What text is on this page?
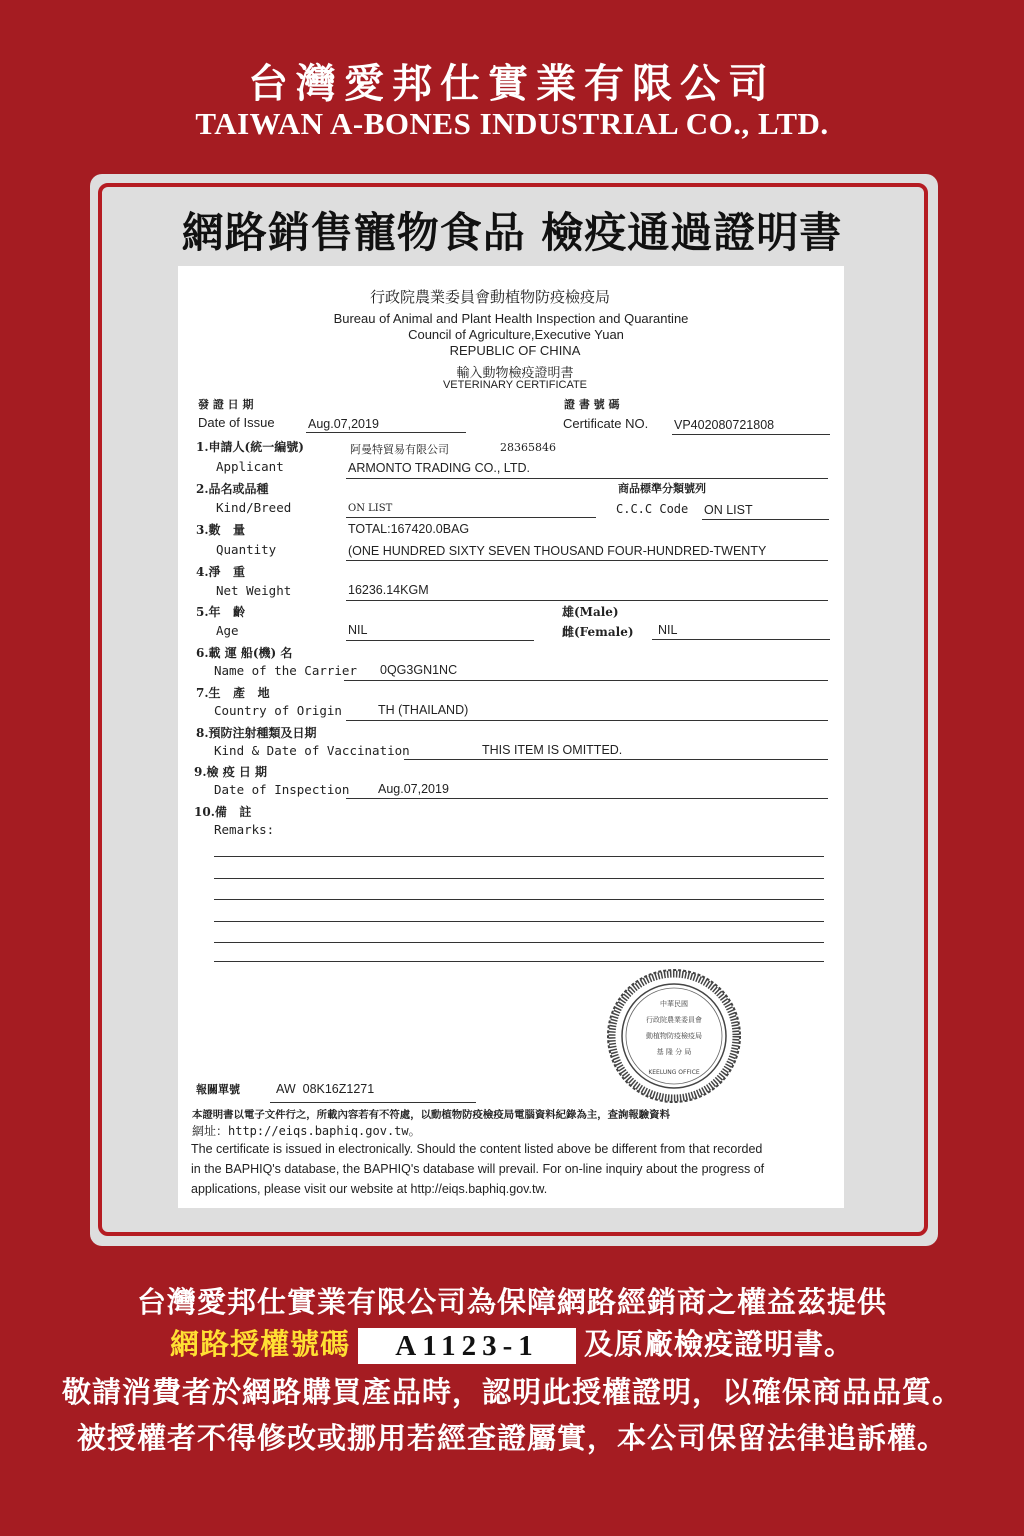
台灣愛邦仕實業有限公司
TAIWAN A-BONES INDUSTRIAL CO., LTD.
網路銷售寵物食品 檢疫通過證明書
行政院農業委員會動植物防疫檢疫局
Bureau of Animal and Plant Health Inspection and Quarantine
Council of Agriculture,Executive Yuan
REPUBLIC OF CHINA
輸入動物檢疫證明書
VETERINARY CERTIFICATE
發 證 日 期
Date of Issue	Aug.07,2019
證 書 號 碼
Certificate NO. VP402080721808
1.申請人(統一編號)
Applicant
阿曼特貿易有限公司	28365846
ARMONTO TRADING CO., LTD.
2.品名或品種
Kind/Breed	ON LIST
商品標準分類號列
C.C.C Code ON LIST
3.數   量
Quantity
TOTAL:167420.0BAG
(ONE HUNDRED SIXTY SEVEN THOUSAND FOUR-HUNDRED-TWENTY
4.淨   重
Net Weight	16236.14KGM
5.年   齡
Age	NIL
雄(Male)
雌(Female) NIL
6.載 運 船(機) 名
Name of the Carrier 0QG3GN1NC
7.生   產   地
Country of Origin	TH (THAILAND)
8.預防注射種類及日期
Kind & Date of Vaccination	THIS ITEM IS OMITTED.
9.檢 疫 日 期
Date of Inspection Aug.07,2019
10.備   註
Remarks:
報關單號	AW  08K16Z1271
本證明書以電子文件行之，所載內容若有不符處，以動植物防疫檢疫局電腦資料紀錄為主，查詢報驗資料
網址：http://eiqs.baphiq.gov.tw。
The certificate is issued in electronically. Should the content listed above be different from that recorded
in the BAPHIQ's database, the BAPHIQ's database will prevail. For on-line inquiry about the progress of
applications, please visit our website at http://eiqs.baphiq.gov.tw.
中華民國
行政院農業委員會
動植物防疫檢疫局
基 隆 分 局
KEELUNG OFFICE
台灣愛邦仕實業有限公司為保障網路經銷商之權益茲提供
網路授權號碼 A1123-1 及原廠檢疫證明書。
敬請消費者於網路購買產品時，認明此授權證明，以確保商品品質。
被授權者不得修改或挪用若經查證屬實，本公司保留法律追訴權。
